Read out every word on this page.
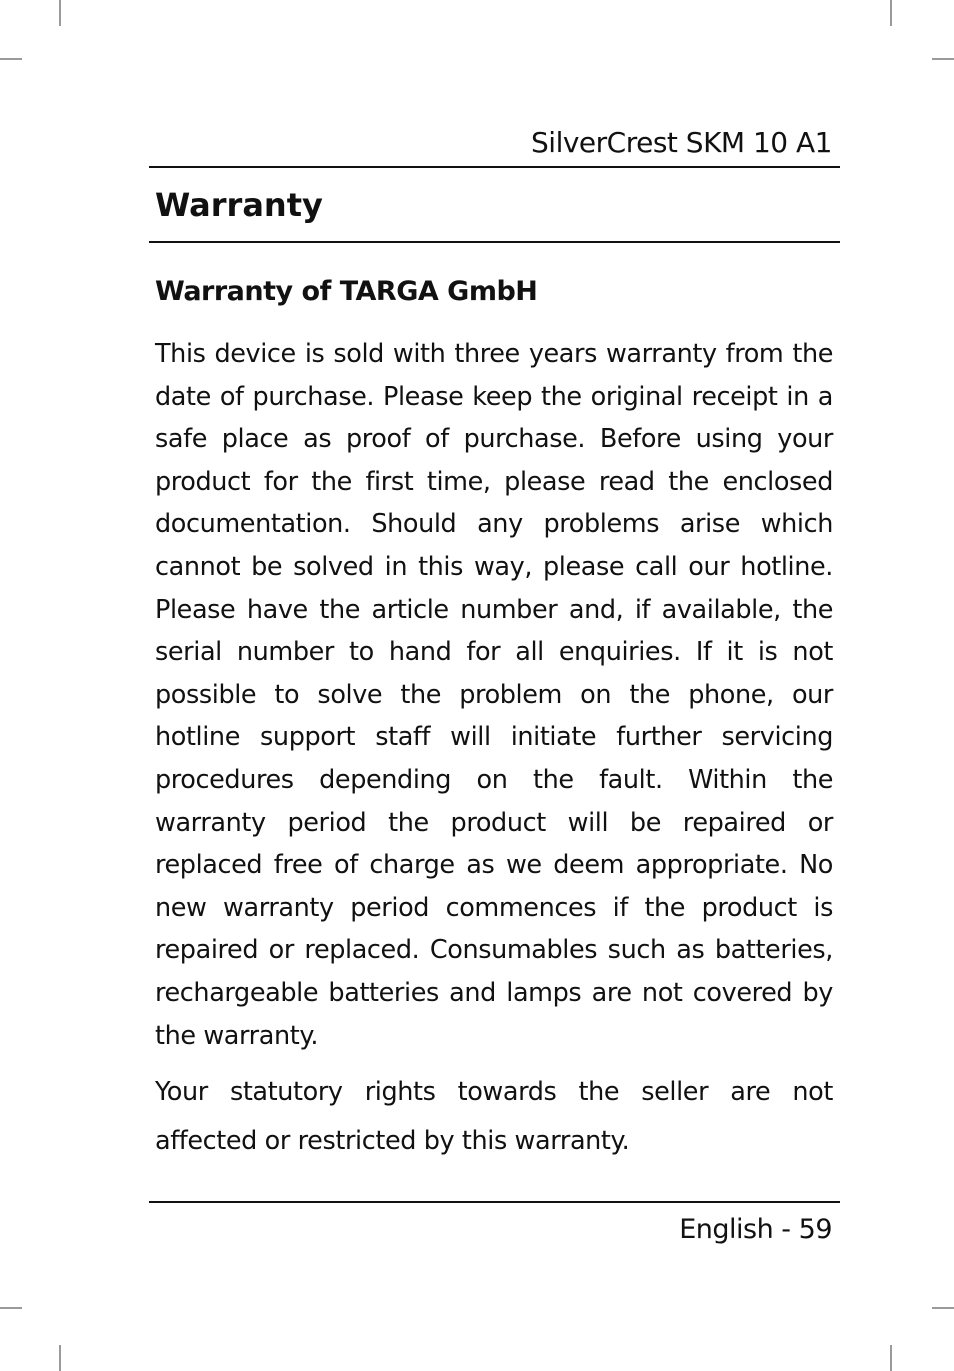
SilverCrest SKM 10 A1
Warranty
Warranty of TARGA GmbH

This device is sold with three years warranty from the date of purchase. Please keep the original receipt in a safe place as proof of purchase. Before using your product for the first time, please read the enclosed documentation. Should any problems arise which cannot be solved in this way, please call our hotline. Please have the article number and, if available, the serial number to hand for all enquiries. If it is not possible to solve the problem on the phone, our hotline support staff will initiate further servicing procedures depending on the fault. Within the warranty period the product will be repaired or replaced free of charge as we deem appropriate. No new warranty period commences if the product is repaired or replaced. Consumables such as batteries, rechargeable batteries and lamps are not covered by the warranty.

Your statutory rights towards the seller are not affected or restricted by this warranty.

English - 59
